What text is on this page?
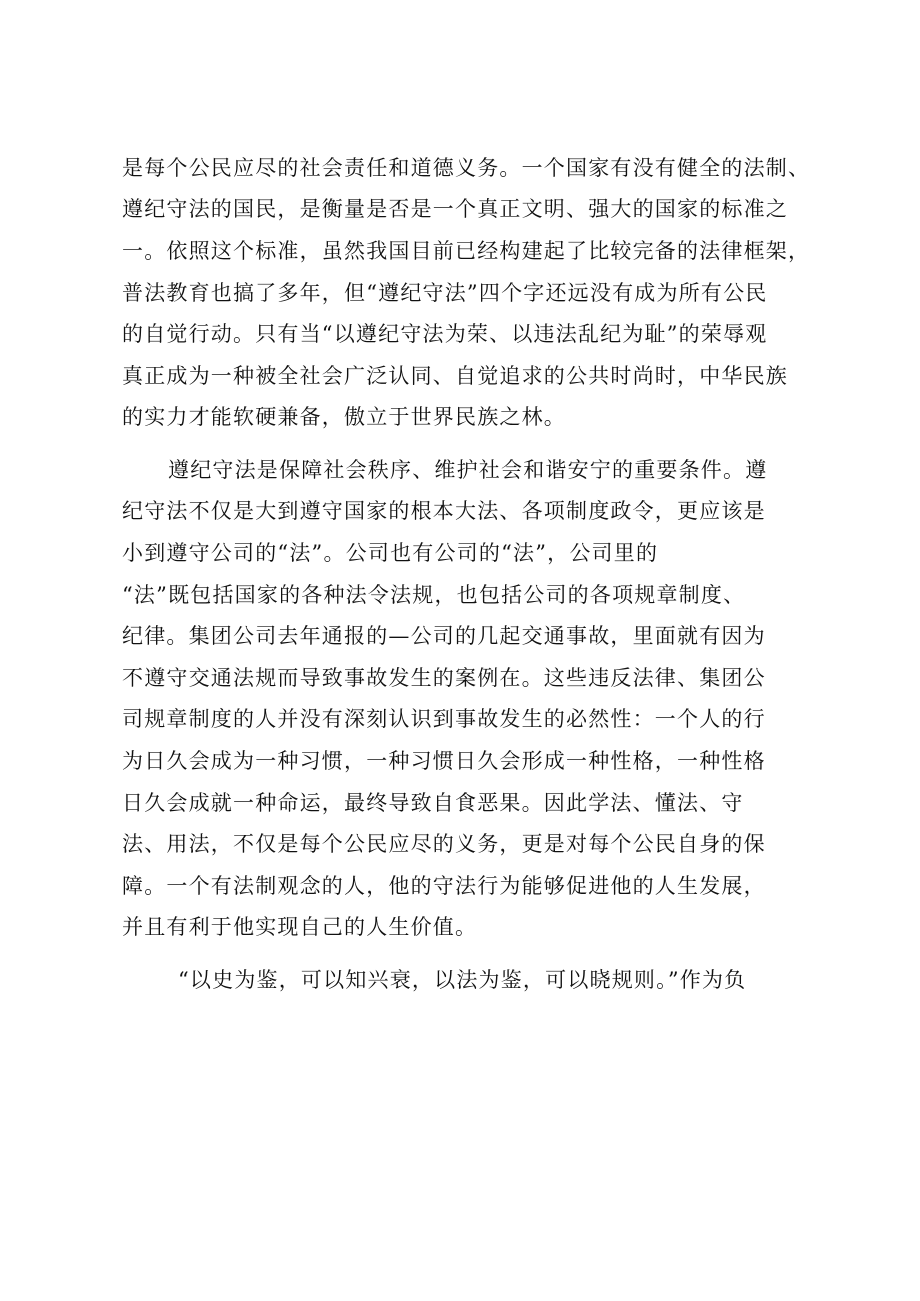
是每个公民应尽的社会责任和道德义务。一个国家有没有健全的法制、
遵纪守法的国民，是衡量是否是一个真正文明、强大的国家的标准之
一。依照这个标准，虽然我国目前已经构建起了比较完备的法律框架，
普法教育也搞了多年，但“遵纪守法”四个字还远没有成为所有公民
的自觉行动。只有当“以遵纪守法为荣、以违法乱纪为耻”的荣辱观
真正成为一种被全社会广泛认同、自觉追求的公共时尚时，中华民族
的实力才能软硬兼备，傲立于世界民族之林。
遵纪守法是保障社会秩序、维护社会和谐安宁的重要条件。遵
纪守法不仅是大到遵守国家的根本大法、各项制度政令，更应该是
小到遵守公司的“法”。公司也有公司的“法”，公司里的
“法”既包括国家的各种法令法规，也包括公司的各项规章制度、
纪律。集团公司去年通报的—公司的几起交通事故，里面就有因为
不遵守交通法规而导致事故发生的案例在。这些违反法律、集团公
司规章制度的人并没有深刻认识到事故发生的必然性：一个人的行
为日久会成为一种习惯，一种习惯日久会形成一种性格，一种性格
日久会成就一种命运，最终导致自食恶果。因此学法、懂法、守
法、用法，不仅是每个公民应尽的义务，更是对每个公民自身的保
障。一个有法制观念的人，他的守法行为能够促进他的人生发展，
并且有利于他实现自己的人生价值。
“以史为鉴，可以知兴衰，以法为鉴，可以晓规则。”作为负
